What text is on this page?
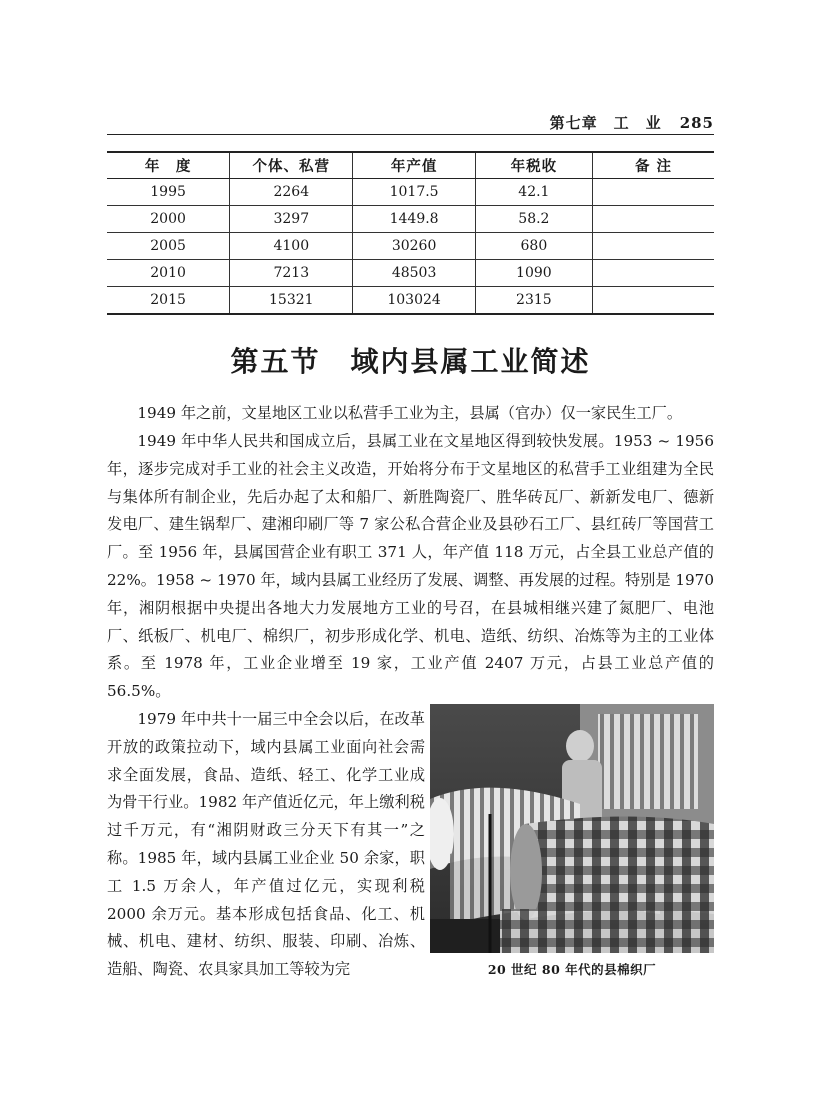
第七章　工　业 285
年　度	个体、私营	年产值	年税收	备 注
1995	2264	1017.5	42.1	
2000	3297	1449.8	58.2	
2005	4100	30260	680	
2010	7213	48503	1090	
2015	15321	103024	2315	
第五节 域内县属工业简述

1949 年之前，文星地区工业以私营手工业为主，县属（官办）仅一家民生工厂。

1949 年中华人民共和国成立后，县属工业在文星地区得到较快发展。1953 ~ 1956 年，逐步完成对手工业的社会主义改造，开始将分布于文星地区的私营手工业组建为全民与集体所有制企业，先后办起了太和船厂、新胜陶瓷厂、胜华砖瓦厂、新新发电厂、德新发电厂、建生锅犁厂、建湘印刷厂等 7 家公私合营企业及县砂石工厂、县红砖厂等国营工厂。至 1956 年，县属国营企业有职工 371 人，年产值 118 万元，占全县工业总产值的 22%。1958 ~ 1970 年，域内县属工业经历了发展、调整、再发展的过程。特别是 1970 年，湘阴根据中央提出各地大力发展地方工业的号召，在县城相继兴建了氮肥厂、电池厂、纸板厂、机电厂、棉织厂，初步形成化学、机电、造纸、纺织、冶炼等为主的工业体系。至 1978 年，工业企业增至 19 家，工业产值 2407 万元，占县工业总产值的 56.5%。

1979 年中共十一届三中全会以后，在改革开放的政策拉动下，域内县属工业面向社会需求全面发展，食品、造纸、轻工、化学工业成为骨干行业。1982 年产值近亿元，年上缴利税过千万元，有“湘阴财政三分天下有其一”之称。1985 年，域内县属工业企业 50 余家，职工 1.5 万余人，年产值过亿元，实现利税 2000 余万元。基本形成包括食品、化工、机械、机电、建材、纺织、服装、印刷、冶炼、造船、陶瓷、农具家具加工等较为完	20 世纪 80 年代的县棉织厂
